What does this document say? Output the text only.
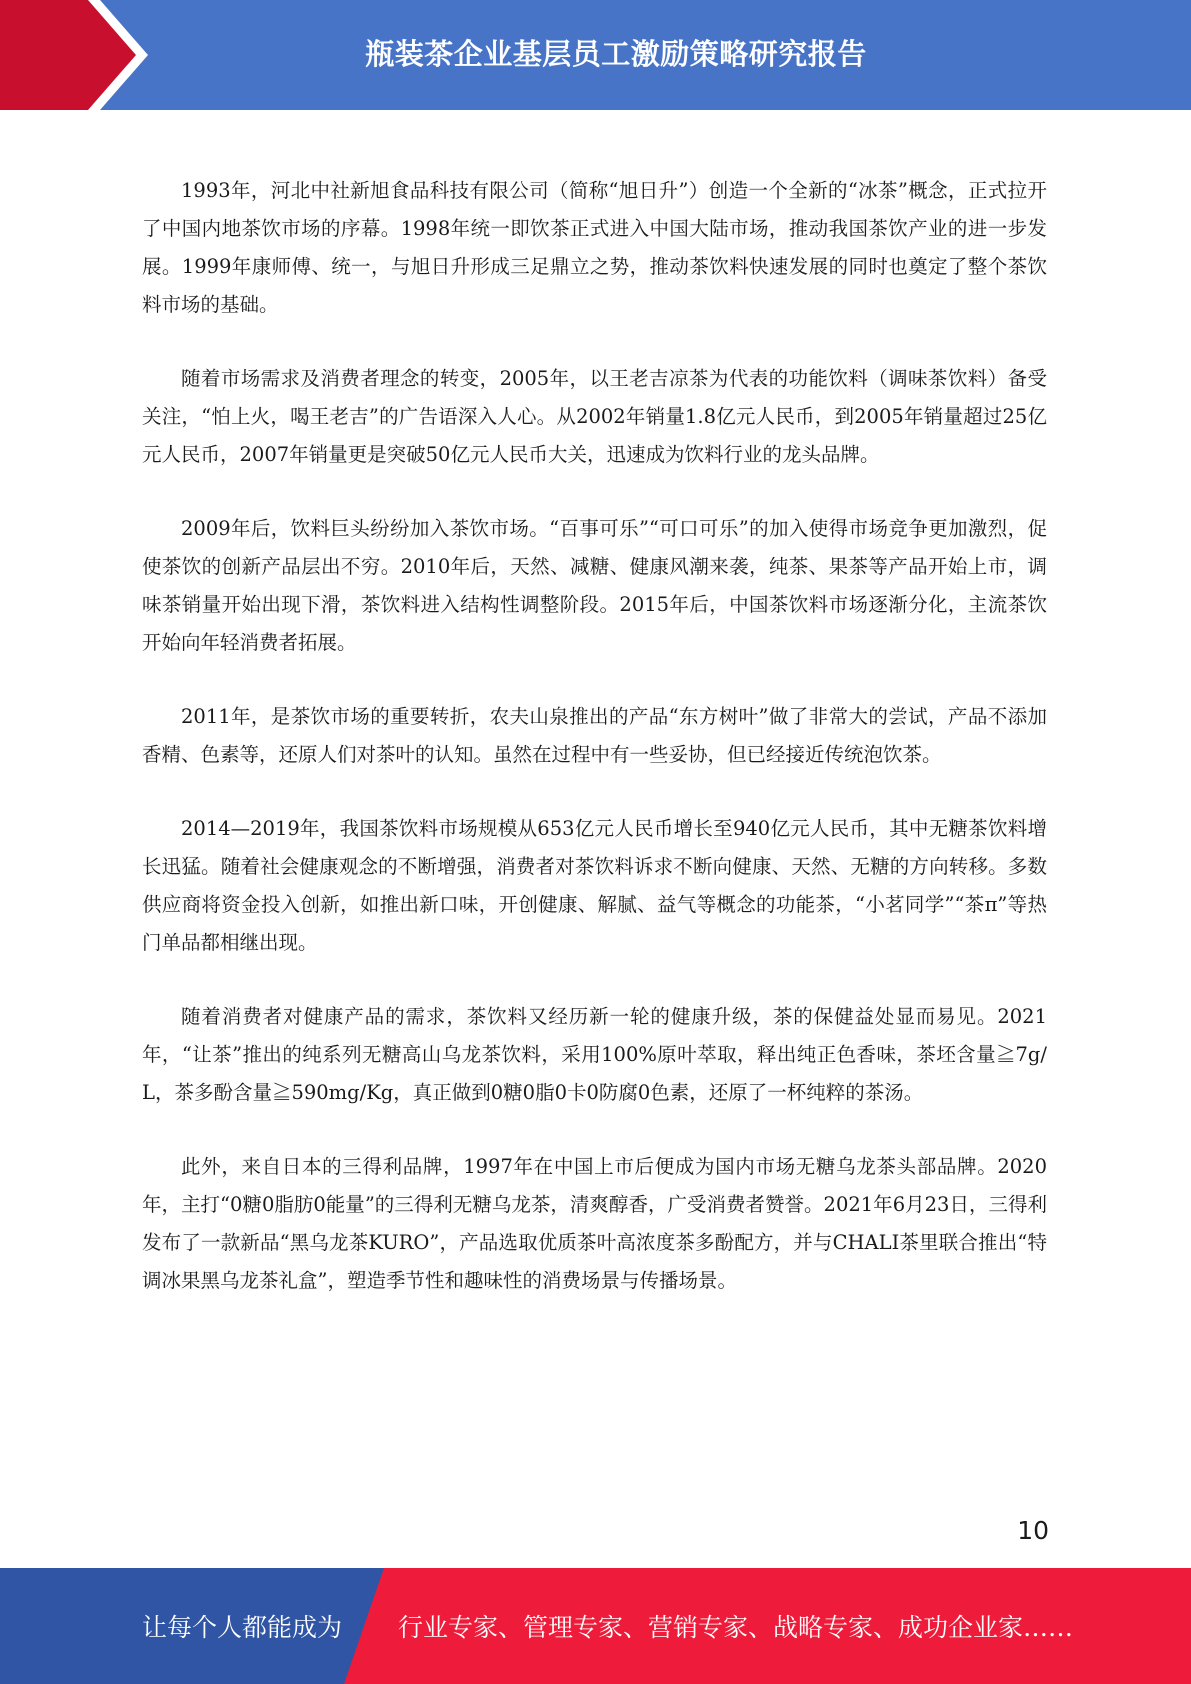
瓶装茶企业基层员工激励策略研究报告

1993年，河北中社新旭食品科技有限公司（简称“旭日升”）创造一个全新的“冰茶”概念，正式拉开了中国内地茶饮市场的序幕。1998年统一即饮茶正式进入中国大陆市场，推动我国茶饮产业的进一步发展。1999年康师傅、统一，与旭日升形成三足鼎立之势，推动茶饮料快速发展的同时也奠定了整个茶饮料市场的基础。

随着市场需求及消费者理念的转变，2005年，以王老吉凉茶为代表的功能饮料（调味茶饮料）备受关注，“怕上火，喝王老吉”的广告语深入人心。从2002年销量1.8亿元人民币，到2005年销量超过25亿元人民币，2007年销量更是突破50亿元人民币大关，迅速成为饮料行业的龙头品牌。

2009年后，饮料巨头纷纷加入茶饮市场。“百事可乐”“可口可乐”的加入使得市场竞争更加激烈，促使茶饮的创新产品层出不穷。2010年后，天然、减糖、健康风潮来袭，纯茶、果茶等产品开始上市，调味茶销量开始出现下滑，茶饮料进入结构性调整阶段。2015年后，中国茶饮料市场逐渐分化，主流茶饮开始向年轻消费者拓展。

2011年，是茶饮市场的重要转折，农夫山泉推出的产品“东方树叶”做了非常大的尝试，产品不添加香精、色素等，还原人们对茶叶的认知。虽然在过程中有一些妥协，但已经接近传统泡饮茶。

2014—2019年，我国茶饮料市场规模从653亿元人民币增长至940亿元人民币，其中无糖茶饮料增长迅猛。随着社会健康观念的不断增强，消费者对茶饮料诉求不断向健康、天然、无糖的方向转移。多数供应商将资金投入创新，如推出新口味，开创健康、解腻、益气等概念的功能茶，“小茗同学”“茶π”等热门单品都相继出现。

随着消费者对健康产品的需求，茶饮料又经历新一轮的健康升级，茶的保健益处显而易见。2021年，“让茶”推出的纯系列无糖高山乌龙茶饮料，采用100%原叶萃取，释出纯正色香味，茶坯含量≧7g/L，茶多酚含量≧590mg/Kg，真正做到0糖0脂0卡0防腐0色素，还原了一杯纯粹的茶汤。

此外，来自日本的三得利品牌，1997年在中国上市后便成为国内市场无糖乌龙茶头部品牌。2020年，主打“0糖0脂肪0能量”的三得利无糖乌龙茶，清爽醇香，广受消费者赞誉。2021年6月23日，三得利发布了一款新品“黑乌龙茶KURO”，产品选取优质茶叶高浓度茶多酚配方，并与CHALI茶里联合推出“特调冰果黑乌龙茶礼盒”，塑造季节性和趣味性的消费场景与传播场景。

10
让每个人都能成为 行业专家、管理专家、营销专家、战略专家、成功企业家……
